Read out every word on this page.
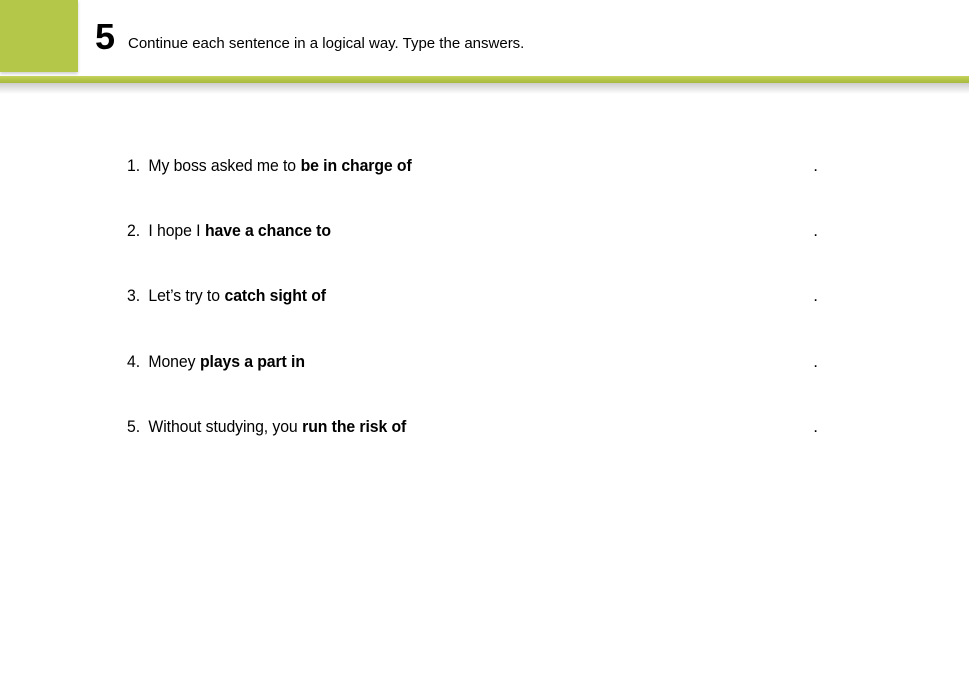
5 Continue each sentence in a logical way. Type the answers.
1. My boss asked me to be in charge of	.
2. I hope I have a chance to	.
3. Let’s try to catch sight of	.
4. Money plays a part in	.
5. Without studying, you run the risk of	.
